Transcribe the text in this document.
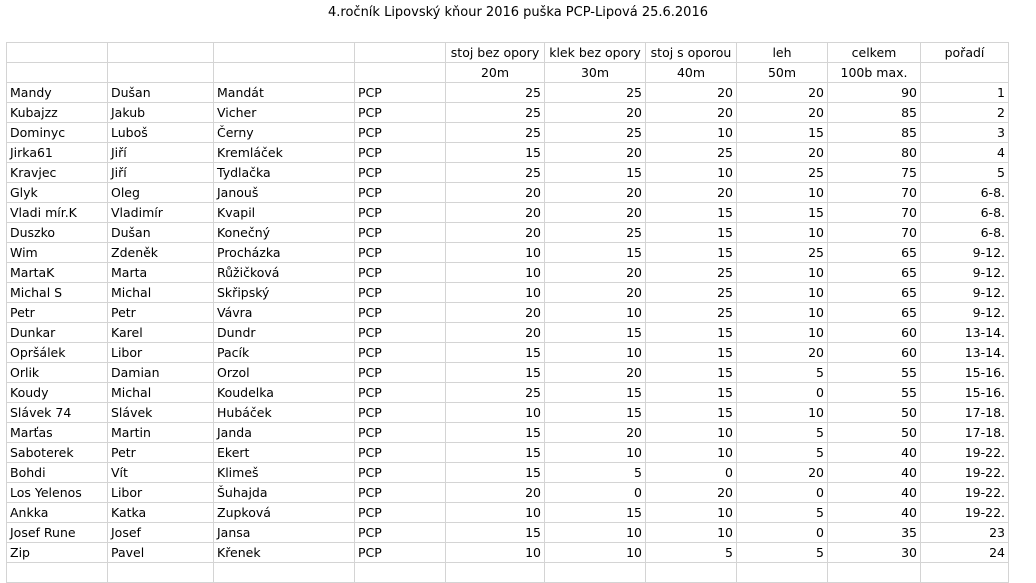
4.ročník Lipovský kňour 2016 puška PCP-Lipová 25.6.2016
				stoj bez opory	klek bez opory	stoj s oporou	leh	celkem	pořadí
				20m	30m	40m	50m	100b max.	
Mandy	Dušan	Mandát	PCP	25	25	20	20	90	1
Kubajzz	Jakub	Vicher	PCP	25	20	20	20	85	2
Dominyc	Luboš	Černy	PCP	25	25	10	15	85	3
Jirka61	Jiří	Kremláček	PCP	15	20	25	20	80	4
Kravjec	Jiří	Tydlačka	PCP	25	15	10	25	75	5
Glyk	Oleg	Janouš	PCP	20	20	20	10	70	6-8.
Vladi mír.K	Vladimír	Kvapil	PCP	20	20	15	15	70	6-8.
Duszko	Dušan	Konečný	PCP	20	25	15	10	70	6-8.
Wim	Zdeněk	Procházka	PCP	10	15	15	25	65	9-12.
MartaK	Marta	Růžičková	PCP	10	20	25	10	65	9-12.
Michal S	Michal	Skřipský	PCP	10	20	25	10	65	9-12.
Petr	Petr	Vávra	PCP	20	10	25	10	65	9-12.
Dunkar	Karel	Dundr	PCP	20	15	15	10	60	13-14.
Opršálek	Libor	Pacík	PCP	15	10	15	20	60	13-14.
Orlik	Damian	Orzol	PCP	15	20	15	5	55	15-16.
Koudy	Michal	Koudelka	PCP	25	15	15	0	55	15-16.
Slávek 74	Slávek	Hubáček	PCP	10	15	15	10	50	17-18.
Marťas	Martin	Janda	PCP	15	20	10	5	50	17-18.
Saboterek	Petr	Ekert	PCP	15	10	10	5	40	19-22.
Bohdi	Vít	Klimeš	PCP	15	5	0	20	40	19-22.
Los Yelenos	Libor	Šuhajda	PCP	20	0	20	0	40	19-22.
Ankka	Katka	Zupková	PCP	10	15	10	5	40	19-22.
Josef Rune	Josef	Jansa	PCP	15	10	10	0	35	23
Zip	Pavel	Křenek	PCP	10	10	5	5	30	24
